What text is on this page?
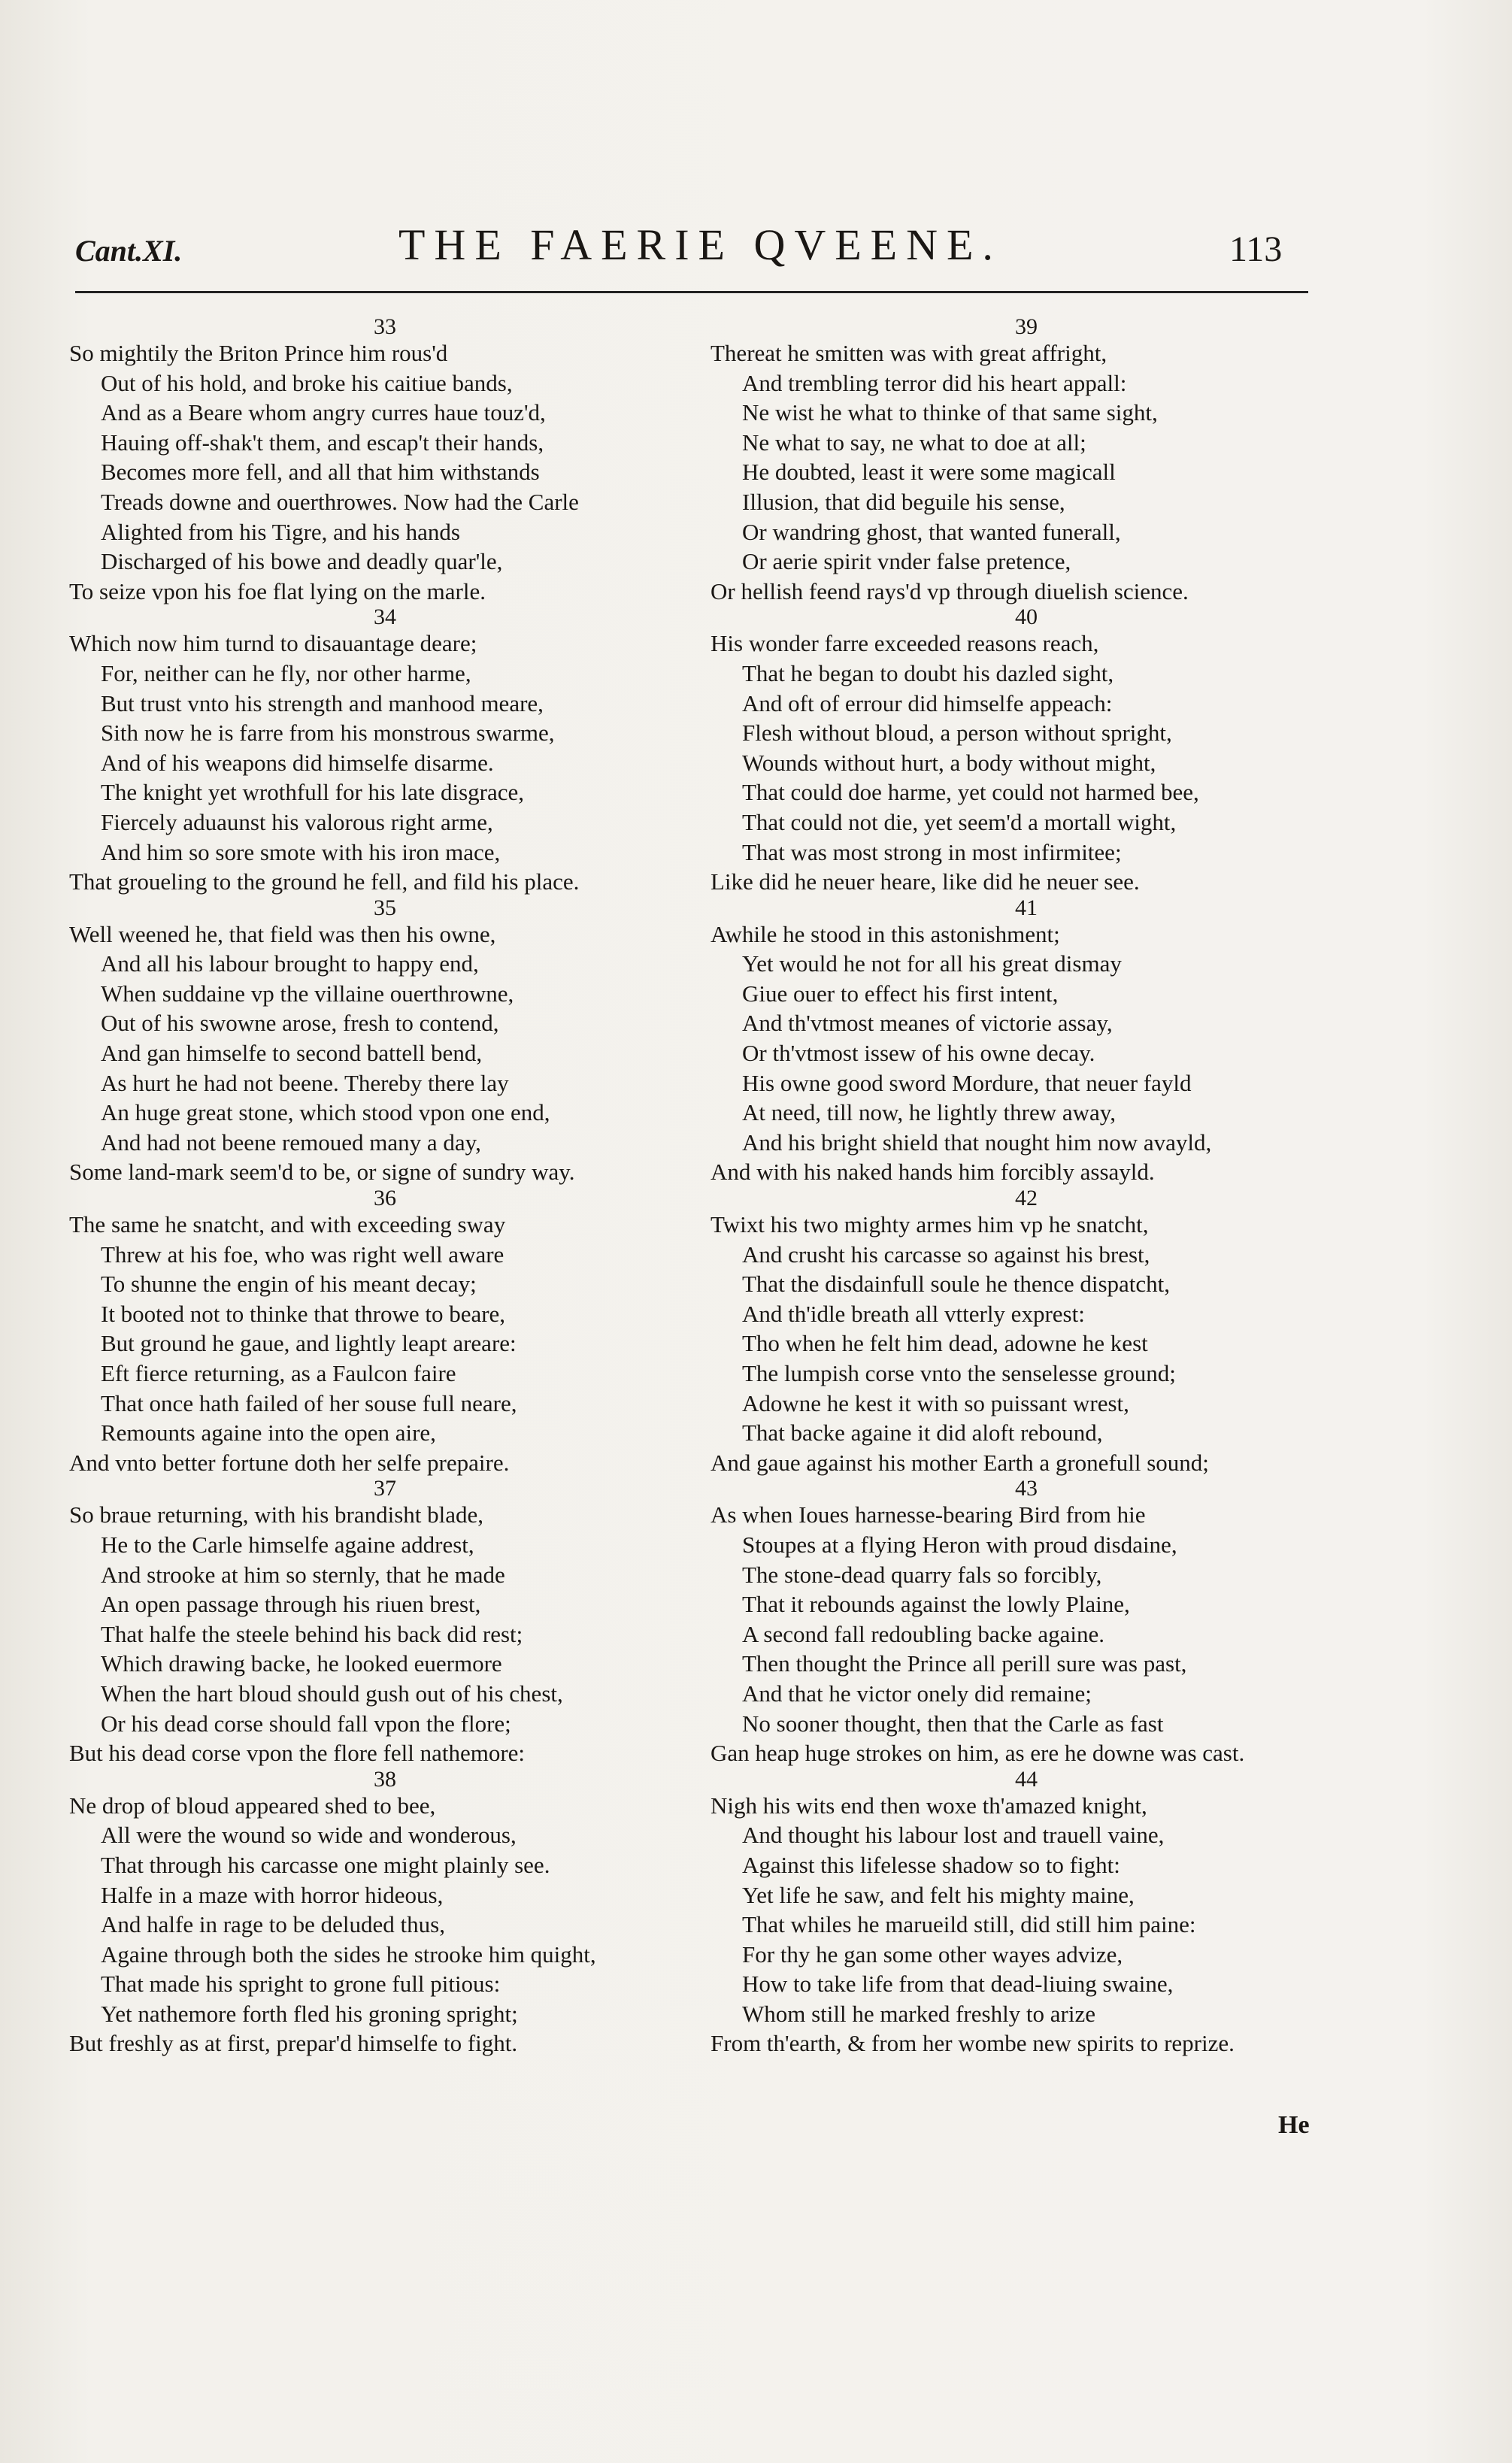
Cant.XI.	THE FAERIE QVEENE.	113
33
So mightily the Briton Prince him rous'd
Out of his hold, and broke his caitiue bands,
And as a Beare whom angry curres haue touz'd,
Hauing off-shak't them, and escap't their hands,
Becomes more fell, and all that him withstands
Treads downe and ouerthrowes. Now had the Carle
Alighted from his Tigre, and his hands
Discharged of his bowe and deadly quar'le,
To seize vpon his foe flat lying on the marle.
34
Which now him turnd to disauantage deare;
For, neither can he fly, nor other harme,
But trust vnto his strength and manhood meare,
Sith now he is farre from his monstrous swarme,
And of his weapons did himselfe disarme.
The knight yet wrothfull for his late disgrace,
Fiercely aduaunst his valorous right arme,
And him so sore smote with his iron mace,
That groueling to the ground he fell, and fild his place.
35
Well weened he, that field was then his owne,
And all his labour brought to happy end,
When suddaine vp the villaine ouerthrowne,
Out of his swowne arose, fresh to contend,
And gan himselfe to second battell bend,
As hurt he had not beene. Thereby there lay
An huge great stone, which stood vpon one end,
And had not beene remoued many a day,
Some land-mark seem'd to be, or signe of sundry way.
36
The same he snatcht, and with exceeding sway
Threw at his foe, who was right well aware
To shunne the engin of his meant decay;
It booted not to thinke that throwe to beare,
But ground he gaue, and lightly leapt areare:
Eft fierce returning, as a Faulcon faire
That once hath failed of her souse full neare,
Remounts againe into the open aire,
And vnto better fortune doth her selfe prepaire.
37
So braue returning, with his brandisht blade,
He to the Carle himselfe againe addrest,
And strooke at him so sternly, that he made
An open passage through his riuen brest,
That halfe the steele behind his back did rest;
Which drawing backe, he looked euermore
When the hart bloud should gush out of his chest,
Or his dead corse should fall vpon the flore;
But his dead corse vpon the flore fell nathemore:
38
Ne drop of bloud appeared shed to bee,
All were the wound so wide and wonderous,
That through his carcasse one might plainly see.
Halfe in a maze with horror hideous,
And halfe in rage to be deluded thus,
Againe through both the sides he strooke him quight,
That made his spright to grone full pitious:
Yet nathemore forth fled his groning spright;
But freshly as at first, prepar'd himselfe to fight.
39
Thereat he smitten was with great affright,
And trembling terror did his heart appall:
Ne wist he what to thinke of that same sight,
Ne what to say, ne what to doe at all;
He doubted, least it were some magicall
Illusion, that did beguile his sense,
Or wandring ghost, that wanted funerall,
Or aerie spirit vnder false pretence,
Or hellish feend rays'd vp through diuelish science.
40
His wonder farre exceeded reasons reach,
That he began to doubt his dazled sight,
And oft of errour did himselfe appeach:
Flesh without bloud, a person without spright,
Wounds without hurt, a body without might,
That could doe harme, yet could not harmed bee,
That could not die, yet seem'd a mortall wight,
That was most strong in most infirmitee;
Like did he neuer heare, like did he neuer see.
41
Awhile he stood in this astonishment;
Yet would he not for all his great dismay
Giue ouer to effect his first intent,
And th'vtmost meanes of victorie assay,
Or th'vtmost issew of his owne decay.
His owne good sword Mordure, that neuer fayld
At need, till now, he lightly threw away,
And his bright shield that nought him now avayld,
And with his naked hands him forcibly assayld.
42
Twixt his two mighty armes him vp he snatcht,
And crusht his carcasse so against his brest,
That the disdainfull soule he thence dispatcht,
And th'idle breath all vtterly exprest:
Tho when he felt him dead, adowne he kest
The lumpish corse vnto the senselesse ground;
Adowne he kest it with so puissant wrest,
That backe againe it did aloft rebound,
And gaue against his mother Earth a gronefull sound;
43
As when Ioues harnesse-bearing Bird from hie
Stoupes at a flying Heron with proud disdaine,
The stone-dead quarry fals so forcibly,
That it rebounds against the lowly Plaine,
A second fall redoubling backe againe.
Then thought the Prince all perill sure was past,
And that he victor onely did remaine;
No sooner thought, then that the Carle as fast
Gan heap huge strokes on him, as ere he downe was cast.
44
Nigh his wits end then woxe th'amazed knight,
And thought his labour lost and trauell vaine,
Against this lifelesse shadow so to fight:
Yet life he saw, and felt his mighty maine,
That whiles he marueild still, did still him paine:
For thy he gan some other wayes advize,
How to take life from that dead-liuing swaine,
Whom still he marked freshly to arize
From th'earth, & from her wombe new spirits to reprize.
He
